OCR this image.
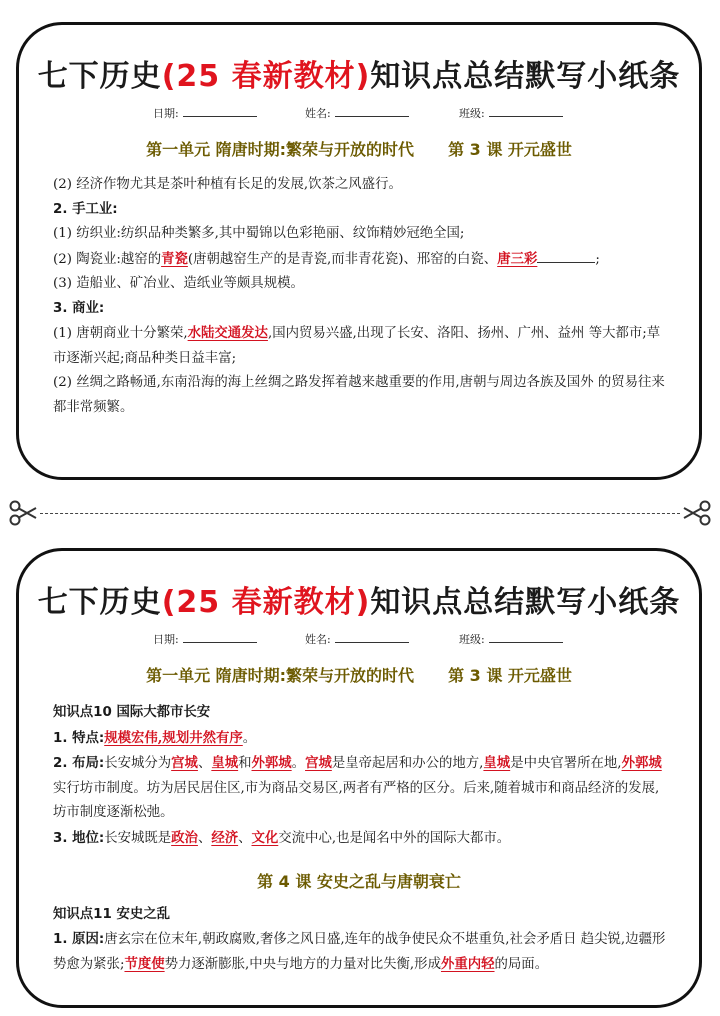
七下历史(25 春新教材)知识点总结默写小纸条
日期:	姓名:	班级:
第一单元 隋唐时期:繁荣与开放的时代 第 3 课 开元盛世

(2) 经济作物尤其是茶叶种植有长足的发展,饮茶之风盛行。

2. 手工业:

(1) 纺织业:纺织品种类繁多,其中蜀锦以色彩艳丽、纹饰精妙冠绝全国;

(2) 陶瓷业:越窑的青瓷(唐朝越窑生产的是青瓷,而非青花瓷)、邢窑的白瓷、唐三彩	;

(3) 造船业、矿冶业、造纸业等颇具规模。

3. 商业:

(1) 唐朝商业十分繁荣,水陆交通发达,国内贸易兴盛,出现了长安、洛阳、扬州、广州、益州 等大都市;草市逐渐兴起;商品种类日益丰富;

(2) 丝绸之路畅通,东南沿海的海上丝绸之路发挥着越来越重要的作用,唐朝与周边各族及国外 的贸易往来都非常频繁。

七下历史(25 春新教材)知识点总结默写小纸条
日期:	姓名:	班级:
第一单元 隋唐时期:繁荣与开放的时代 第 3 课 开元盛世

知识点10 国际大都市长安

1. 特点:规模宏伟,规划井然有序。

2. 布局:长安城分为宫城、皇城和外郭城。宫城是皇帝起居和办公的地方,皇城是中央官署所在地,外郭城实行坊市制度。坊为居民居住区,市为商品交易区,两者有严格的区分。后来,随着城市和商品经济的发展,坊市制度逐渐松弛。

3. 地位:长安城既是政治、经济、文化交流中心,也是闻名中外的国际大都市。

第 4 课 安史之乱与唐朝衰亡

知识点11 安史之乱

1. 原因:唐玄宗在位末年,朝政腐败,奢侈之风日盛,连年的战争使民众不堪重负,社会矛盾日 趋尖锐,边疆形势愈为紧张;节度使势力逐渐膨胀,中央与地方的力量对比失衡,形成外重内轻的局面。
